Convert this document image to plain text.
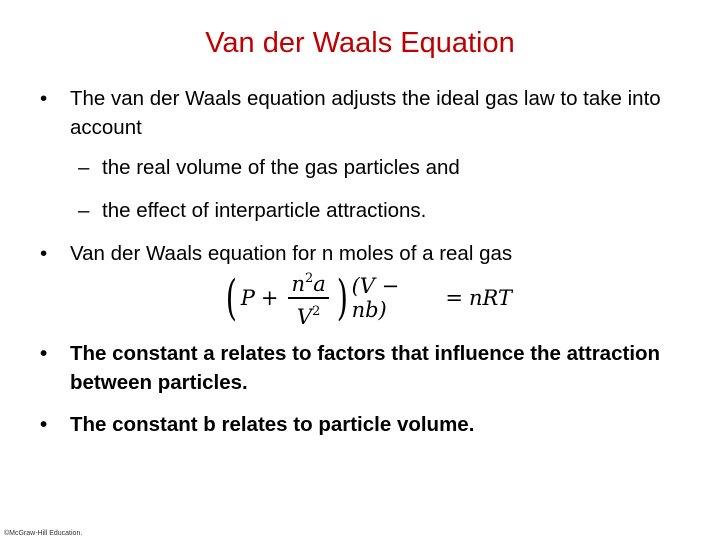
Van der Waals Equation
•	The van der Waals equation adjusts the ideal gas law to take into account
– the real volume of the gas particles and
– the effect of interparticle attractions.
•	Van der Waals equation for n moles of a real gas
( $P + \frac{n^2a}{V^2}$ ) (V − nb)	= nRT
•	The constant a relates to factors that influence the attraction between particles.
•	The constant b relates to particle volume.
©McGraw-Hill Education.
